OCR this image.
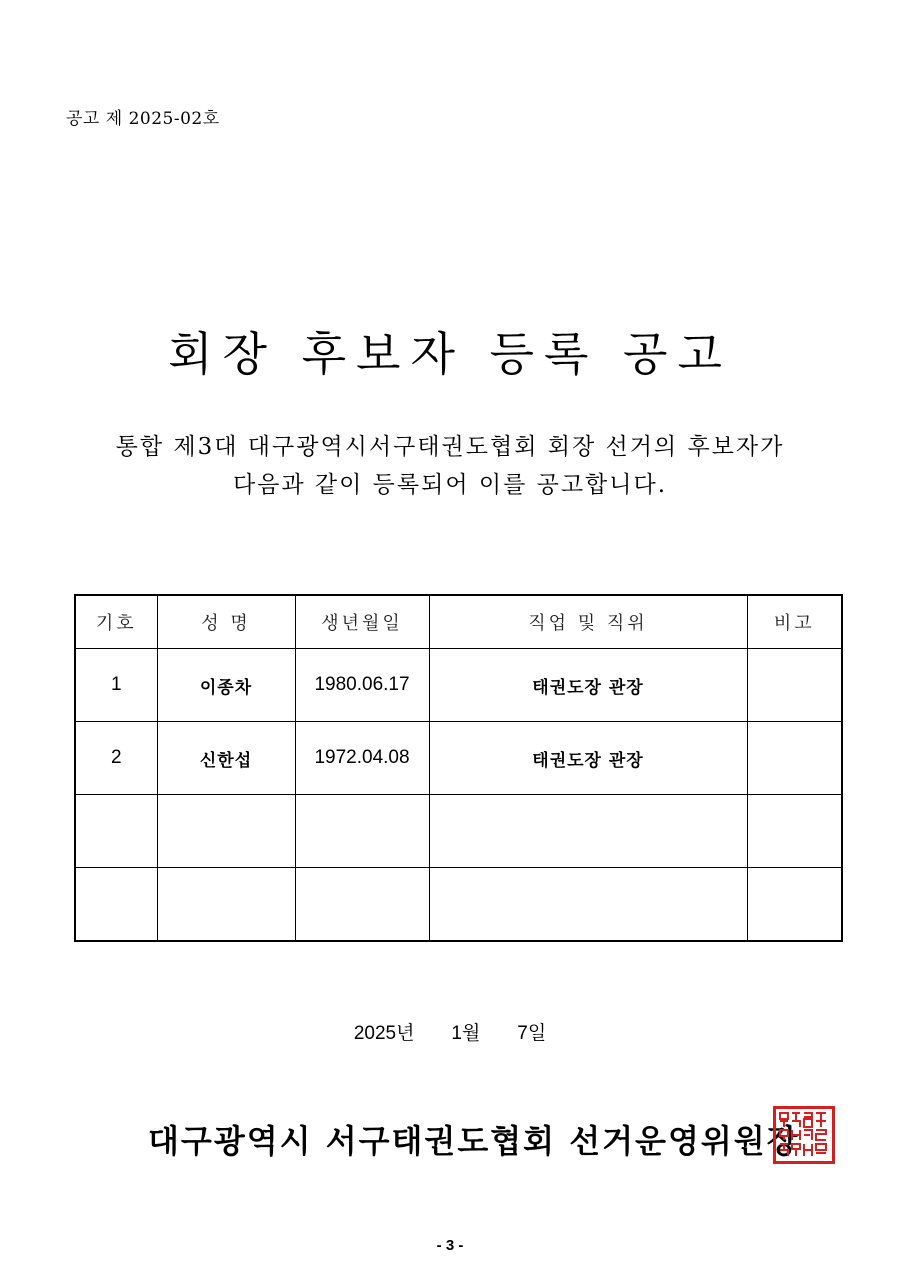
공고 제 2025-02호
회장 후보자 등록 공고
통합 제3대 대구광역시서구태권도협회 회장 선거의 후보자가
다음과 같이 등록되어 이를 공고합니다.
기호	성 명	생년월일	직업 및 직위	비고
1	이종차	1980.06.17	태권도장 관장	
2	신한섭	1972.04.08	태권도장 관장	

2025년 1월 7일
대구광역시 서구태권도협회 선거운영위원장
- 3 -
